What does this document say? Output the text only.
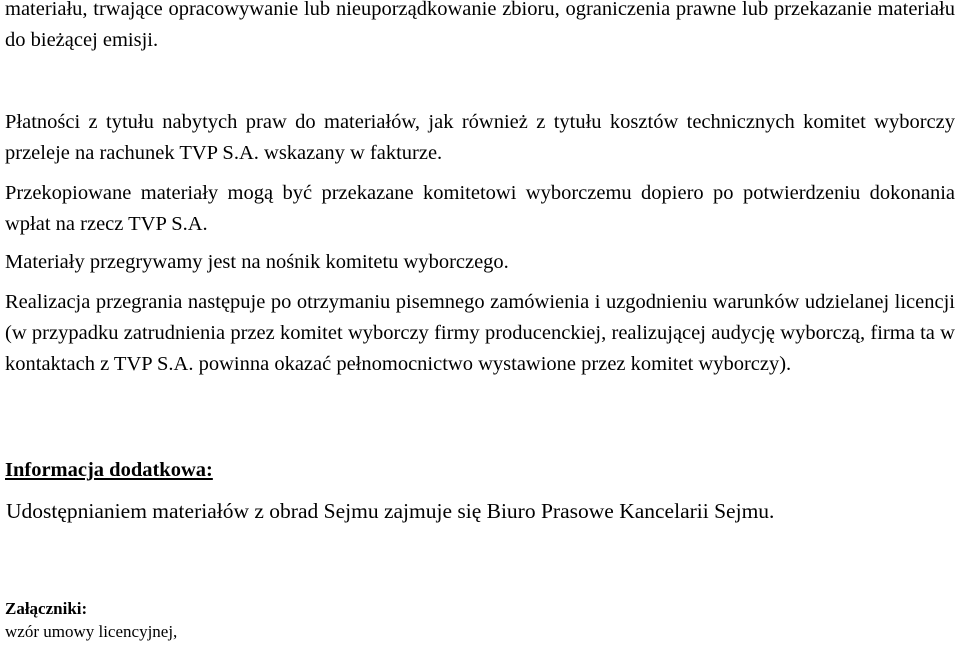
materiału, trwające opracowywanie lub nieuporządkowanie zbioru, ograniczenia prawne lub przekazanie materiału do bieżącej emisji.

Płatności z tytułu nabytych praw do materiałów, jak również z tytułu kosztów technicznych komitet wyborczy przeleje na rachunek TVP S.A. wskazany w fakturze.

Przekopiowane materiały mogą być przekazane komitetowi wyborczemu dopiero po potwierdzeniu dokonania wpłat na rzecz TVP S.A.

Materiały przegrywamy jest na nośnik komitetu wyborczego.

Realizacja przegrania następuje po otrzymaniu pisemnego zamówienia i uzgodnieniu warunków udzielanej licencji (w przypadku zatrudnienia przez komitet wyborczy firmy producenckiej, realizującej audycję wyborczą, firma ta w kontaktach z TVP S.A. powinna okazać pełnomocnictwo wystawione przez komitet wyborczy).

Informacja dodatkowa:

Udostępnianiem materiałów z obrad Sejmu zajmuje się Biuro Prasowe Kancelarii Sejmu.

Załączniki:

wzór umowy licencyjnej,
